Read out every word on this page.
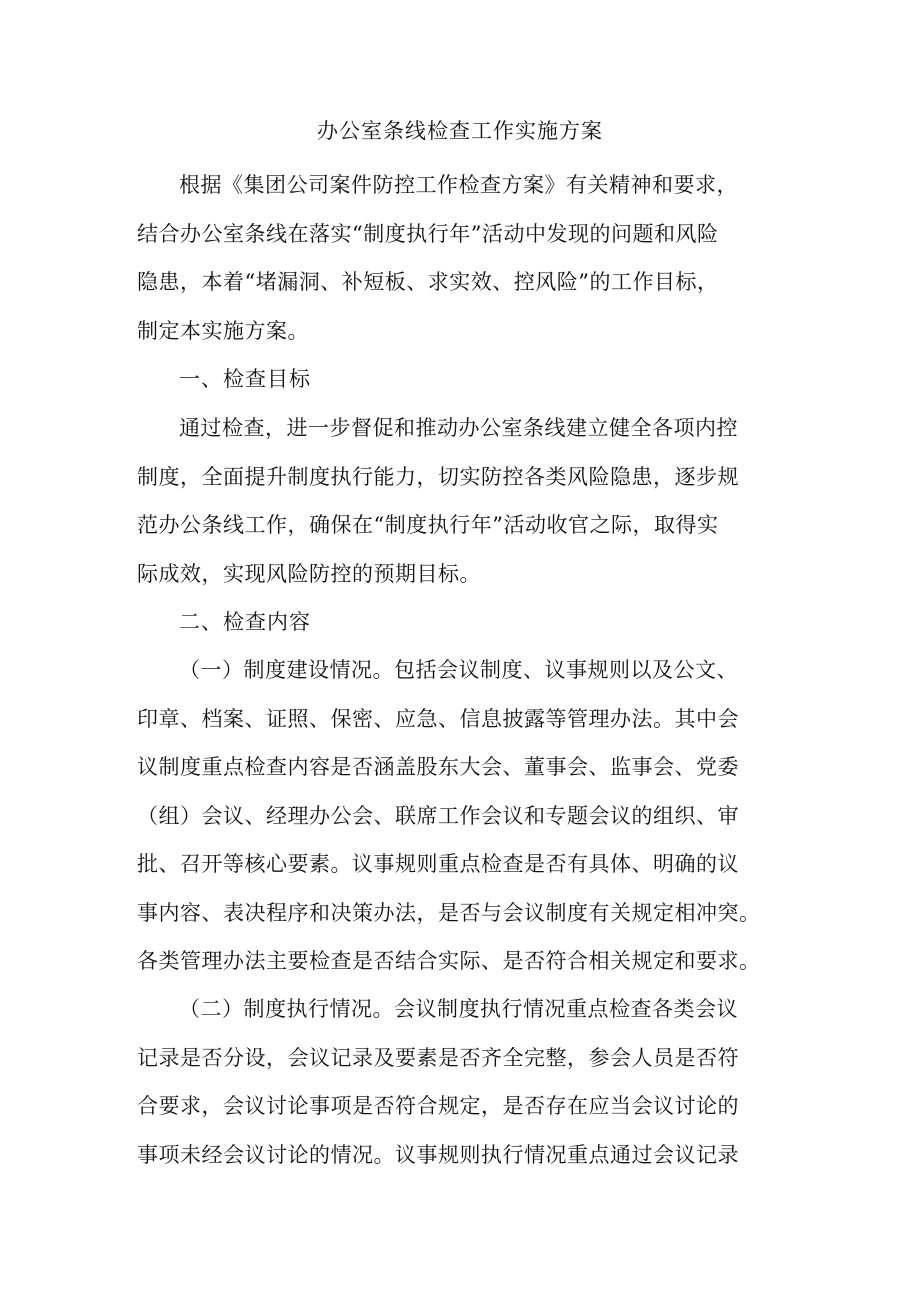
办公室条线检查工作实施方案
根据《集团公司案件防控工作检查方案》有关精神和要求，
结合办公室条线在落实“制度执行年”活动中发现的问题和风险
隐患，本着“堵漏洞、补短板、求实效、控风险”的工作目标，
制定本实施方案。
一、检查目标
通过检查，进一步督促和推动办公室条线建立健全各项内控
制度，全面提升制度执行能力，切实防控各类风险隐患，逐步规
范办公条线工作，确保在“制度执行年”活动收官之际，取得实
际成效，实现风险防控的预期目标。
二、检查内容
（一）制度建设情况。包括会议制度、议事规则以及公文、
印章、档案、证照、保密、应急、信息披露等管理办法。其中会
议制度重点检查内容是否涵盖股东大会、董事会、监事会、党委
（组）会议、经理办公会、联席工作会议和专题会议的组织、审
批、召开等核心要素。议事规则重点检查是否有具体、明确的议
事内容、表决程序和决策办法，是否与会议制度有关规定相冲突。
各类管理办法主要检查是否结合实际、是否符合相关规定和要求。
（二）制度执行情况。会议制度执行情况重点检查各类会议
记录是否分设，会议记录及要素是否齐全完整，参会人员是否符
合要求，会议讨论事项是否符合规定，是否存在应当会议讨论的
事项未经会议讨论的情况。议事规则执行情况重点通过会议记录
